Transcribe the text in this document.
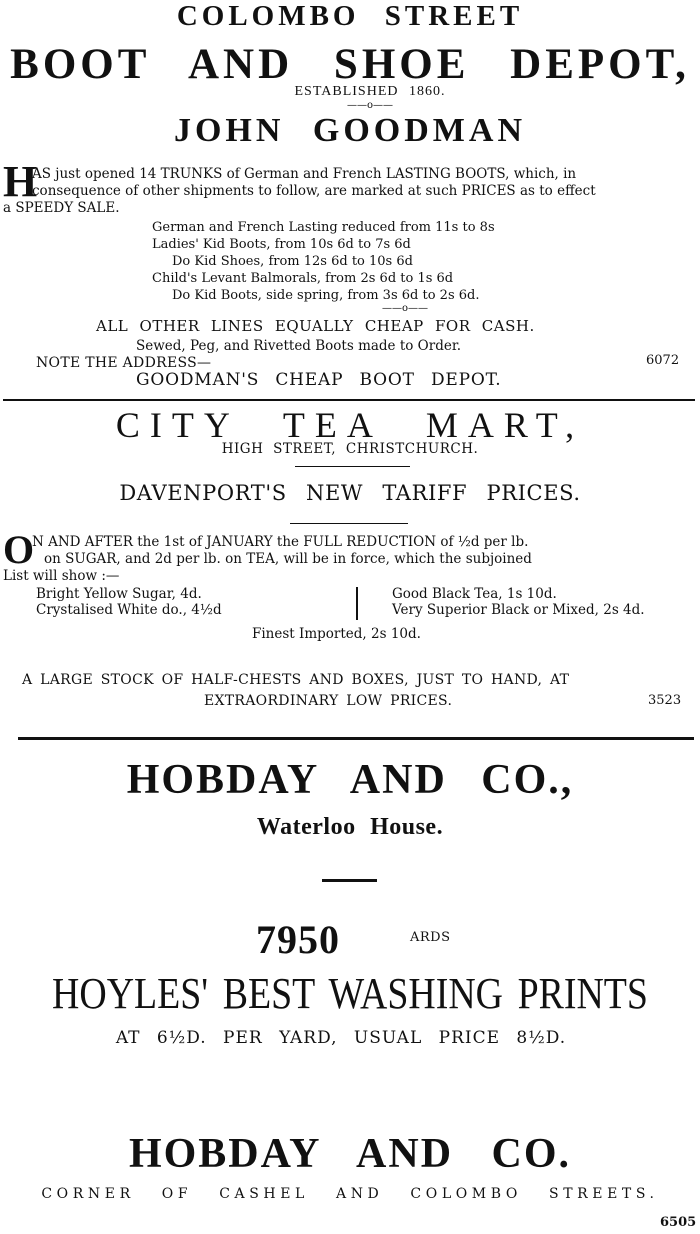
COLOMBO STREET
BOOT AND SHOE DEPOT,
ESTABLISHED 1860.
——o——
JOHN GOODMAN
H
AS just opened 14 TRUNKS of German and French LASTING BOOTS, which, in
consequence of other shipments to follow, are marked at such PRICES as to effect
a SPEEDY SALE.
German and French Lasting reduced from 11s to 8s
Ladies' Kid Boots, from 10s 6d to 7s 6d
Do Kid Shoes, from 12s 6d to 10s 6d
Child's Levant Balmorals, from 2s 6d to 1s 6d
Do Kid Boots, side spring, from 3s 6d to 2s 6d.
——o——
ALL OTHER LINES EQUALLY CHEAP FOR CASH.
Sewed, Peg, and Rivetted Boots made to Order.
NOTE THE ADDRESS—	6072
GOODMAN'S CHEAP BOOT DEPOT.
CITY TEA MART,
HIGH STREET, CHRISTCHURCH.
DAVENPORT'S NEW TARIFF PRICES.
O
N AND AFTER the 1st of JANUARY the FULL REDUCTION of ½d per lb.
on SUGAR, and 2d per lb. on TEA, will be in force, which the subjoined
List will show :—
Bright Yellow Sugar, 4d.
Crystalised White do., 4½d
Good Black Tea, 1s 10d.
Very Superior Black or Mixed, 2s 4d.
Finest Imported, 2s 10d.
A LARGE STOCK OF HALF-CHESTS AND BOXES, JUST TO HAND, AT
EXTRAORDINARY LOW PRICES.	3523
HOBDAY AND CO.,
Waterloo House.
7950	ARDS
HOYLES' BEST WASHING PRINTS
AT 6½D. PER YARD, USUAL PRICE 8½D.
HOBDAY AND CO.
CORNER OF CASHEL AND COLOMBO STREETS.
6505
